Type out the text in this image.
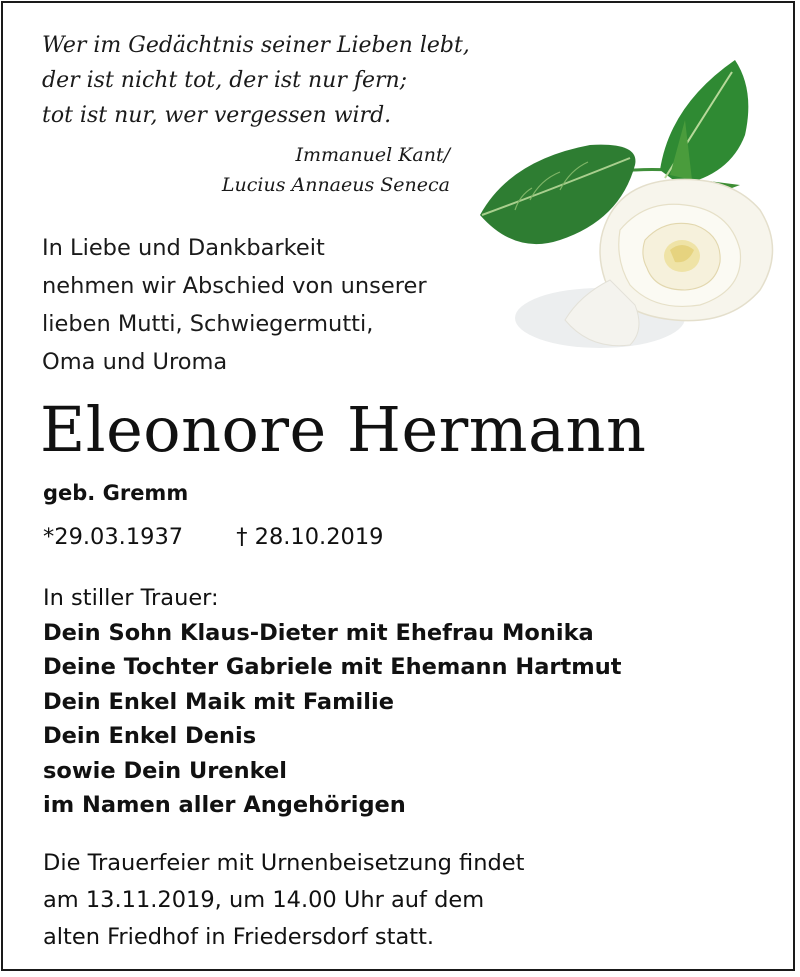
Wer im Gedächtnis seiner Lieben lebt,
der ist nicht tot, der ist nur fern;
tot ist nur, wer vergessen wird.
Immanuel Kant/
Lucius Annaeus Seneca
In Liebe und Dankbarkeit
nehmen wir Abschied von unserer
lieben Mutti, Schwiegermutti,
Oma und Uroma
Eleonore Hermann
geb. Gremm
*29.03.1937 † 28.10.2019
In stiller Trauer:
Dein Sohn Klaus-Dieter mit Ehefrau Monika
Deine Tochter Gabriele mit Ehemann Hartmut
Dein Enkel Maik mit Familie
Dein Enkel Denis
sowie Dein Urenkel
im Namen aller Angehörigen
Die Trauerfeier mit Urnenbeisetzung findet
am 13.11.2019, um 14.00 Uhr auf dem
alten Friedhof in Friedersdorf statt.
